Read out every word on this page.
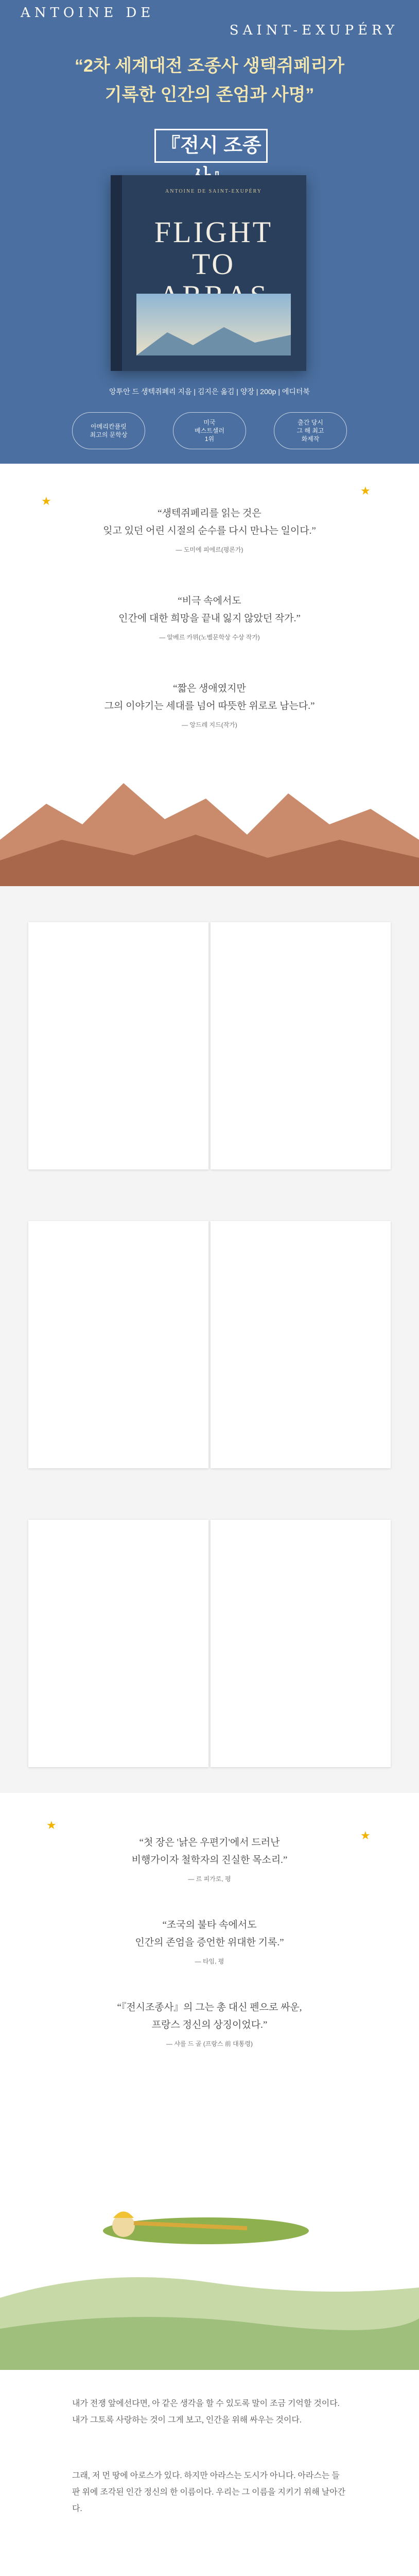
ANTOINE DE
SAINT-EXUPÉRY
“2차 세계대전 조종사 생텍쥐페리가
기록한 인간의 존엄과 사명”
『전시 조종
ANTOINE DE SAINT-EXUPÉRY
FLIGHT
TO
앙투안 드 생텍쥐페리 지음 | 김지은 옮김 | 양장 | 200p | 에디터북
아메리칸플릿
최고의 문학상
미국
베스트셀러
1위
출간 당시
그 해 최고
화제작
★
★
“생텍쥐페리를 읽는 것은
잊고 있던 어린 시절의 순수를 다시 만나는 일이다.”
— 도미에 피에르(평론가)
“비극 속에서도
인간에 대한 희망을 끝내 잃지 않았던 작가.”
— 알베르 카뮈(노벨문학상 수상 작가)
“짧은 생애였지만
그의 이야기는 세대를 넘어 따뜻한 위로로 남는다.”
— 앙드레 지드(작가)
★
★
“첫 장은 '낡은 우편기'에서 드러난
비행가이자 철학자의 진실한 목소리.”
— 르 피가로, 평
“조국의 불타 속에서도
인간의 존엄을 증언한 위대한 기록.”
— 타임, 평
“『전시조종사』의 그는 총 대신 펜으로 싸운,
프랑스 정신의 상징이었다.”
— 샤를 드 골 (프랑스 前 대통령)
내가 전쟁 앞에선다면, 아 같은 생각을 할 수 있도록 말이 조금 기억할 것이다. 내가 그토록 사랑하는 것이 그게 보고, 인간을 위해 싸우는 것이다.
그래, 저 먼 땅에 아로스가 있다. 하지만 아라스는 도시가 아니다. 아라스는 들판 위에 조각된 인간 정신의 한 이름이다. 우리는 그 이름을 지키기 위해 날아간다.
